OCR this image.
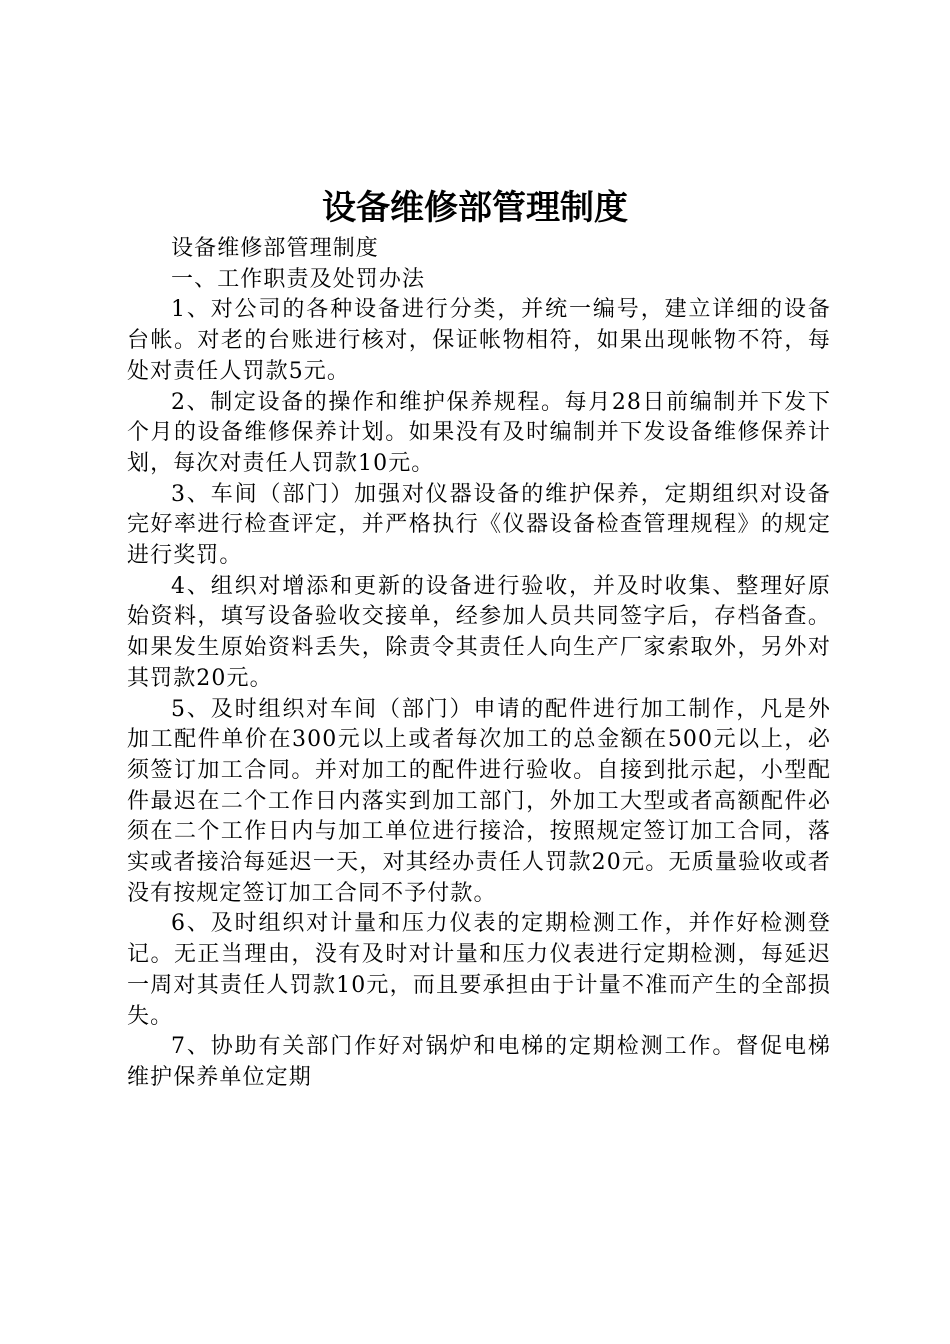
设备维修部管理制度

设备维修部管理制度

一、工作职责及处罚办法

1、对公司的各种设备进行分类，并统一编号，建立详细的设备台帐。对老的台账进行核对，保证帐物相符，如果出现帐物不符，每处对责任人罚款5元。

2、制定设备的操作和维护保养规程。每月28日前编制并下发下个月的设备维修保养计划。如果没有及时编制并下发设备维修保养计划，每次对责任人罚款10元。

3、车间（部门）加强对仪器设备的维护保养，定期组织对设备完好率进行检查评定，并严格执行《仪器设备检查管理规程》的规定进行奖罚。

4、组织对增添和更新的设备进行验收，并及时收集、整理好原始资料，填写设备验收交接单，经参加人员共同签字后，存档备查。如果发生原始资料丢失，除责令其责任人向生产厂家索取外，另外对其罚款20元。

5、及时组织对车间（部门）申请的配件进行加工制作，凡是外加工配件单价在300元以上或者每次加工的总金额在500元以上，必须签订加工合同。并对加工的配件进行验收。自接到批示起，小型配件最迟在二个工作日内落实到加工部门，外加工大型或者高额配件必须在二个工作日内与加工单位进行接洽，按照规定签订加工合同，落实或者接洽每延迟一天，对其经办责任人罚款20元。无质量验收或者没有按规定签订加工合同不予付款。

6、及时组织对计量和压力仪表的定期检测工作，并作好检测登记。无正当理由，没有及时对计量和压力仪表进行定期检测，每延迟一周对其责任人罚款10元，而且要承担由于计量不准而产生的全部损失。

7、协助有关部门作好对锅炉和电梯的定期检测工作。督促电梯维护保养单位定期
